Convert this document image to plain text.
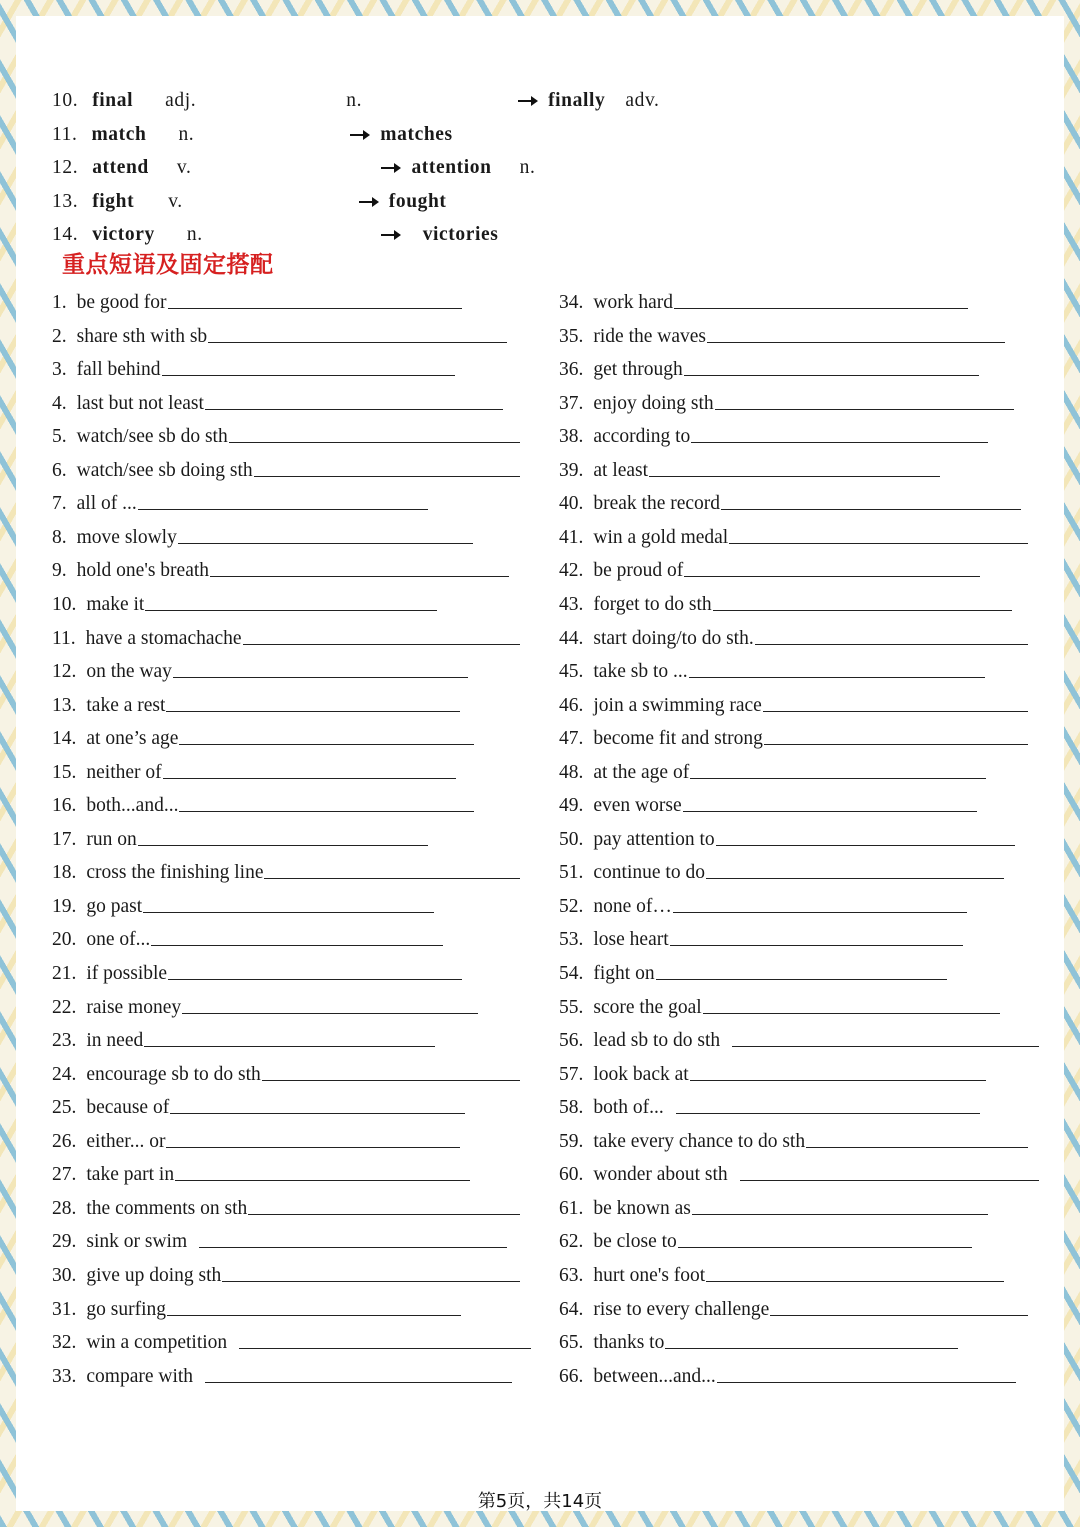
10. final adj.	n.	finally adv.
11. match n.	matches
12. attend v.	attention n.
13. fight v.	fought
14. victory n.	victories
重点短语及固定搭配
1. be good for
2. share sth with sb
3. fall behind
4. last but not least
5. watch/see sb do sth
6. watch/see sb doing sth
7. all of ...
8. move slowly
9. hold one's breath
10. make it
11. have a stomachache
12. on the way
13. take a rest
14. at one’s age
15. neither of
16. both...and...
17. run on
18. cross the finishing line
19. go past
20. one of...
21. if possible
22. raise money
23. in need
24. encourage sb to do sth
25. because of
26. either... or
27. take part in
28. the comments on sth
29. sink or swim
30. give up doing sth
31. go surfing
32. win a competition
33. compare with
34. work hard
35. ride the waves
36. get through
37. enjoy doing sth
38. according to
39. at least
40. break the record
41. win a gold medal
42. be proud of
43. forget to do sth
44. start doing/to do sth.
45. take sb to ...
46. join a swimming race
47. become fit and strong
48. at the age of
49. even worse
50. pay attention to
51. continue to do
52. none of…
53. lose heart
54. fight on
55. score the goal
56. lead sb to do sth
57. look back at
58. both of...
59. take every chance to do sth
60. wonder about sth
61. be known as
62. be close to
63. hurt one's foot
64. rise to every challenge
65. thanks to
66. between...and...
第5页，共14页
